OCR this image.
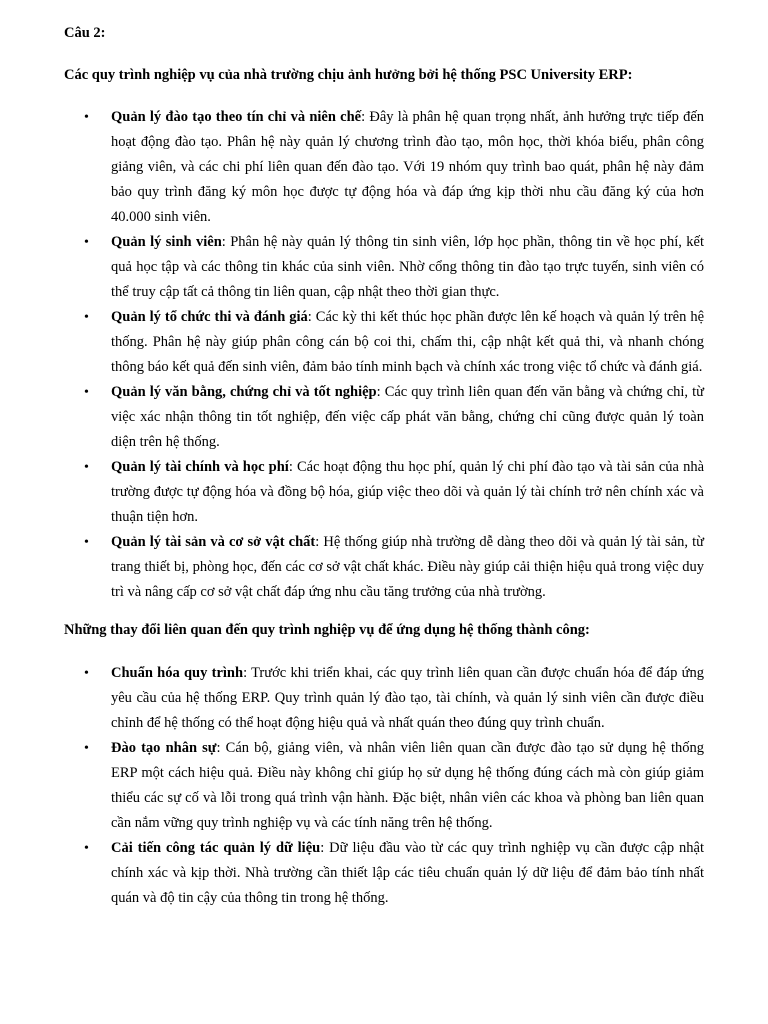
Câu 2:

Các quy trình nghiệp vụ của nhà trường chịu ảnh hưởng bởi hệ thống PSC University ERP:

• Quản lý đào tạo theo tín chỉ và niên chế: Đây là phân hệ quan trọng nhất, ảnh hưởng trực tiếp đến hoạt động đào tạo. Phân hệ này quản lý chương trình đào tạo, môn học, thời khóa biểu, phân công giảng viên, và các chi phí liên quan đến đào tạo. Với 19 nhóm quy trình bao quát, phân hệ này đảm bảo quy trình đăng ký môn học được tự động hóa và đáp ứng kịp thời nhu cầu đăng ký của hơn 40.000 sinh viên.
• Quản lý sinh viên: Phân hệ này quản lý thông tin sinh viên, lớp học phần, thông tin về học phí, kết quả học tập và các thông tin khác của sinh viên. Nhờ cổng thông tin đào tạo trực tuyến, sinh viên có thể truy cập tất cả thông tin liên quan, cập nhật theo thời gian thực.
• Quản lý tổ chức thi và đánh giá: Các kỳ thi kết thúc học phần được lên kế hoạch và quản lý trên hệ thống. Phân hệ này giúp phân công cán bộ coi thi, chấm thi, cập nhật kết quả thi, và nhanh chóng thông báo kết quả đến sinh viên, đảm bảo tính minh bạch và chính xác trong việc tổ chức và đánh giá.
• Quản lý văn bằng, chứng chỉ và tốt nghiệp: Các quy trình liên quan đến văn bằng và chứng chỉ, từ việc xác nhận thông tin tốt nghiệp, đến việc cấp phát văn bằng, chứng chỉ cũng được quản lý toàn diện trên hệ thống.
• Quản lý tài chính và học phí: Các hoạt động thu học phí, quản lý chi phí đào tạo và tài sản của nhà trường được tự động hóa và đồng bộ hóa, giúp việc theo dõi và quản lý tài chính trở nên chính xác và thuận tiện hơn.
• Quản lý tài sản và cơ sở vật chất: Hệ thống giúp nhà trường dễ dàng theo dõi và quản lý tài sản, từ trang thiết bị, phòng học, đến các cơ sở vật chất khác. Điều này giúp cải thiện hiệu quả trong việc duy trì và nâng cấp cơ sở vật chất đáp ứng nhu cầu tăng trưởng của nhà trường.

Những thay đổi liên quan đến quy trình nghiệp vụ để ứng dụng hệ thống thành công:

• Chuẩn hóa quy trình: Trước khi triển khai, các quy trình liên quan cần được chuẩn hóa để đáp ứng yêu cầu của hệ thống ERP. Quy trình quản lý đào tạo, tài chính, và quản lý sinh viên cần được điều chỉnh để hệ thống có thể hoạt động hiệu quả và nhất quán theo đúng quy trình chuẩn.
• Đào tạo nhân sự: Cán bộ, giảng viên, và nhân viên liên quan cần được đào tạo sử dụng hệ thống ERP một cách hiệu quả. Điều này không chỉ giúp họ sử dụng hệ thống đúng cách mà còn giúp giảm thiểu các sự cố và lỗi trong quá trình vận hành. Đặc biệt, nhân viên các khoa và phòng ban liên quan cần nắm vững quy trình nghiệp vụ và các tính năng trên hệ thống.
• Cải tiến công tác quản lý dữ liệu: Dữ liệu đầu vào từ các quy trình nghiệp vụ cần được cập nhật chính xác và kịp thời. Nhà trường cần thiết lập các tiêu chuẩn quản lý dữ liệu để đảm bảo tính nhất quán và độ tin cậy của thông tin trong hệ thống.
